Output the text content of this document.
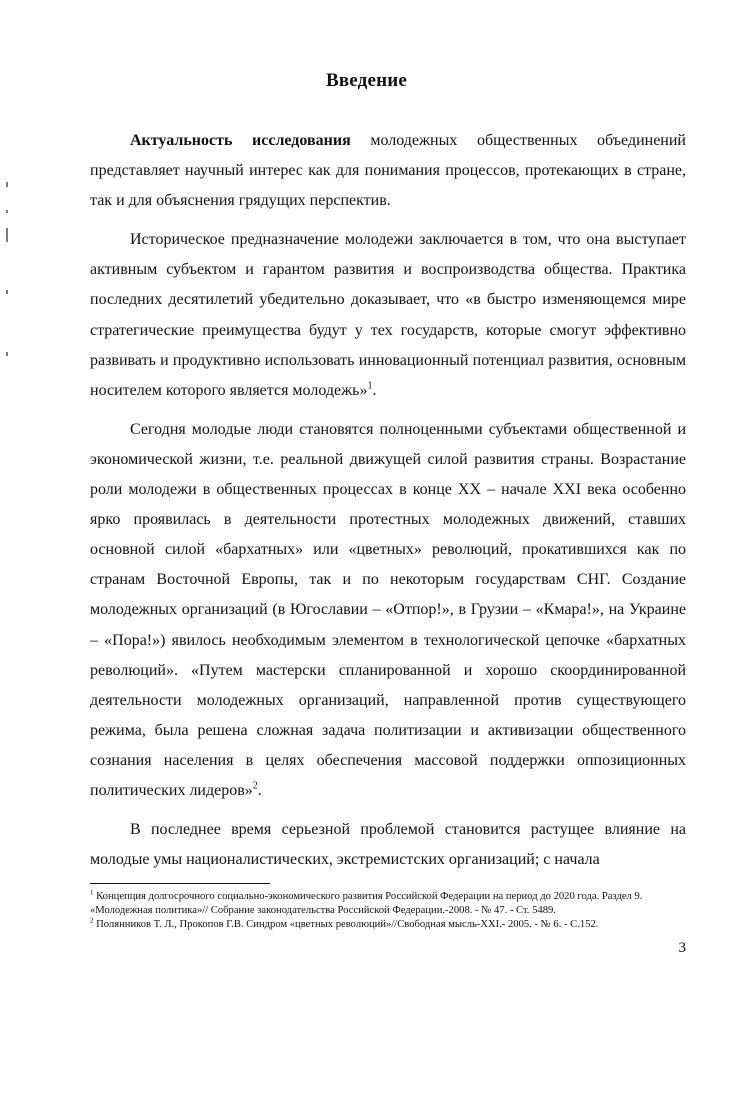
Введение

Актуальность исследования молодежных общественных объединений представляет научный интерес как для понимания процессов, протекающих в стране, так и для объяснения грядущих перспектив.

Историческое предназначение молодежи заключается в том, что она выступает активным субъектом и гарантом развития и воспроизводства общества. Практика последних десятилетий убедительно доказывает, что «в быстро изменяющемся мире стратегические преимущества будут у тех государств, которые смогут эффективно развивать и продуктивно использовать инновационный потенциал развития, основным носителем которого является молодежь»$^1$.

Сегодня молодые люди становятся полноценными субъектами общественной и экономической жизни, т.е. реальной движущей силой развития страны. Возрастание роли молодежи в общественных процессах в конце XX – начале XXI века особенно ярко проявилась в деятельности протестных молодежных движений, ставших основной силой «бархатных» или «цветных» революций, прокатившихся как по странам Восточной Европы, так и по некоторым государствам СНГ. Создание молодежных организаций (в Югославии – «Отпор!», в Грузии – «Кмара!», на Украине – «Пора!») явилось необходимым элементом в технологической цепочке «бархатных революций». «Путем мастерски спланированной и хорошо скоординированной деятельности молодежных организаций, направленной против существующего режима, была решена сложная задача политизации и активизации общественного сознания населения в целях обеспечения массовой поддержки оппозиционных политических лидеров»$^2$.

В последнее время серьезной проблемой становится растущее влияние на молодые умы националистических, экстремистских организаций; с начала

$^1$ Концепция долгосрочного социально-экономического развития Российской Федерации на период до 2020 года. Раздел 9. «Молодежная политика»// Собрание законодательства Российской Федерации.-2008. - № 47. - Ст. 5489.

$^2$ Полянников Т. Л., Прокопов Г.В. Синдром «цветных революций»//Свободная мысль-XXI.- 2005. - № 6. - С.152.

3
